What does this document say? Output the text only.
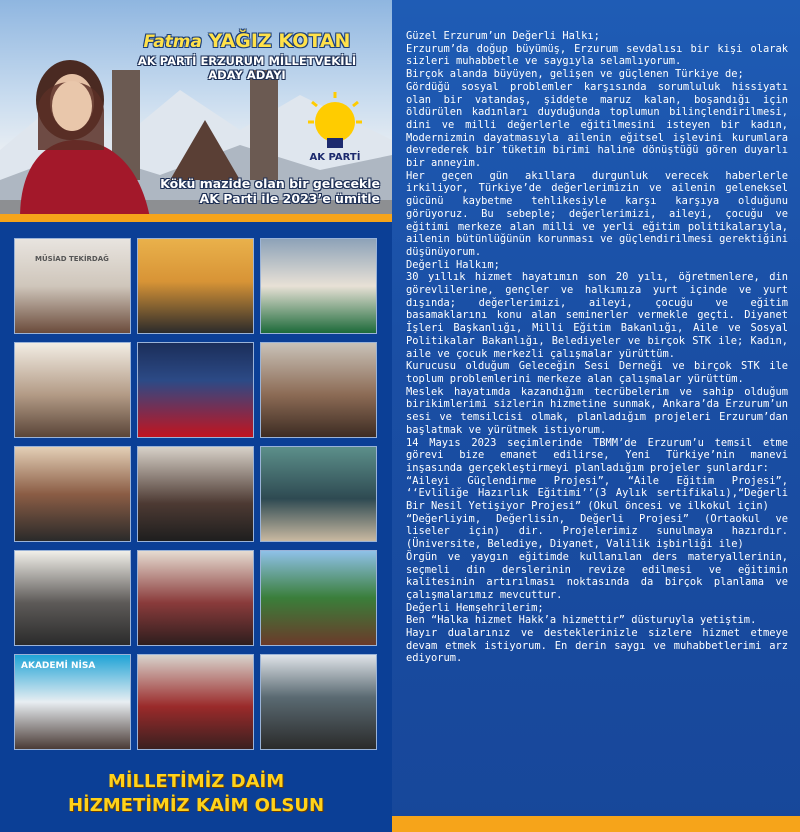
Fatma YAĞIZ KOTAN
AK PARTİ ERZURUM MİLLETVEKİLİ
ADAY ADAYI
AK PARTİ
Kökü mazide olan bir gelecekle
AK Parti ile 2023’e ümitle
MÜSİAD TEKİRDAĞ
AKADEMİ NİSA
MİLLETİMİZ DAİM
HİZMETİMİZ KAİM OLSUN

Güzel Erzurum’un Değerli Halkı;

Erzurum’da doğup büyümüş, Erzurum sevdalısı bir kişi olarak sizleri muhabbetle ve saygıyla selamlıyorum.

Birçok alanda büyüyen, gelişen ve güçlenen Türkiye de;

Gördüğü sosyal problemler karşısında sorumluluk hissiyatı olan bir vatandaş, şiddete maruz kalan, boşandığı için öldürülen kadınları duyduğunda toplumun bilinçlendirilmesi, dini ve milli değerlerle eğitilmesini isteyen bir kadın, Modernizmin dayatmasıyla ailenin eğitsel işlevini kurumlara devrederek bir tüketim birimi haline dönüştüğü gören duyarlı bir anneyim.

Her geçen gün akıllara durgunluk verecek haberlerle irkiliyor, Türkiye’de değerlerimizin ve ailenin geleneksel gücünü kaybetme tehlikesiyle karşı karşıya olduğunu görüyoruz. Bu sebeple; değerlerimizi, aileyi, çocuğu ve eğitimi merkeze alan milli ve yerli eğitim politikalarıyla, ailenin bütünlüğünün korunması ve güçlendirilmesi gerektiğini düşünüyorum.

Değerli Halkım;

30 yıllık hizmet hayatımın son 20 yılı, öğretmenlere, din görevlilerine, gençler ve halkımıza yurt içinde ve yurt dışında; değerlerimizi, aileyi, çocuğu ve eğitim basamaklarını konu alan seminerler vermekle geçti. Diyanet İşleri Başkanlığı, Milli Eğitim Bakanlığı, Aile ve Sosyal Politikalar Bakanlığı, Belediyeler ve birçok STK ile; Kadın, aile ve çocuk merkezli çalışmalar yürüttüm.

Kurucusu olduğum Geleceğin Sesi Derneği ve birçok STK ile toplum problemlerini merkeze alan çalışmalar yürüttüm.

Meslek hayatımda kazandığım tecrübelerim ve sahip olduğum birikimlerimi sizlerin hizmetine sunmak, Ankara’da Erzurum’un sesi ve temsilcisi olmak, planladığım projeleri Erzurum’dan başlatmak ve yürütmek istiyorum.

14 Mayıs 2023 seçimlerinde TBMM’de Erzurum’u temsil etme görevi bize emanet edilirse, Yeni Türkiye’nin manevi inşasında gerçekleştirmeyi planladığım projeler şunlardır:

“Aileyi Güçlendirme Projesi”, “Aile Eğitim Projesi”, ‘‘Evliliğe Hazırlık Eğitimi’’(3 Aylık sertifikalı),“Değerli Bir Nesil Yetişiyor Projesi” (Okul öncesi ve ilkokul için)

“Değerliyim, Değerlisin, Değerli Projesi” (Ortaokul ve liseler için) dir. Projelerimiz sunulmaya hazırdır.(Üniversite, Belediye, Diyanet, Valilik işbirliği ile)

Örgün ve yaygın eğitimde kullanılan ders materyallerinin, seçmeli din derslerinin revize edilmesi ve eğitimin kalitesinin artırılması noktasında da birçok planlama ve çalışmalarımız mevcuttur.

Değerli Hemşehrilerim;

Ben “Halka hizmet Hakk’a hizmettir” düsturuyla yetiştim.

Hayır dualarınız ve desteklerinizle sizlere hizmet etmeye devam etmek istiyorum. En derin saygı ve muhabbetlerimi arz ediyorum.
